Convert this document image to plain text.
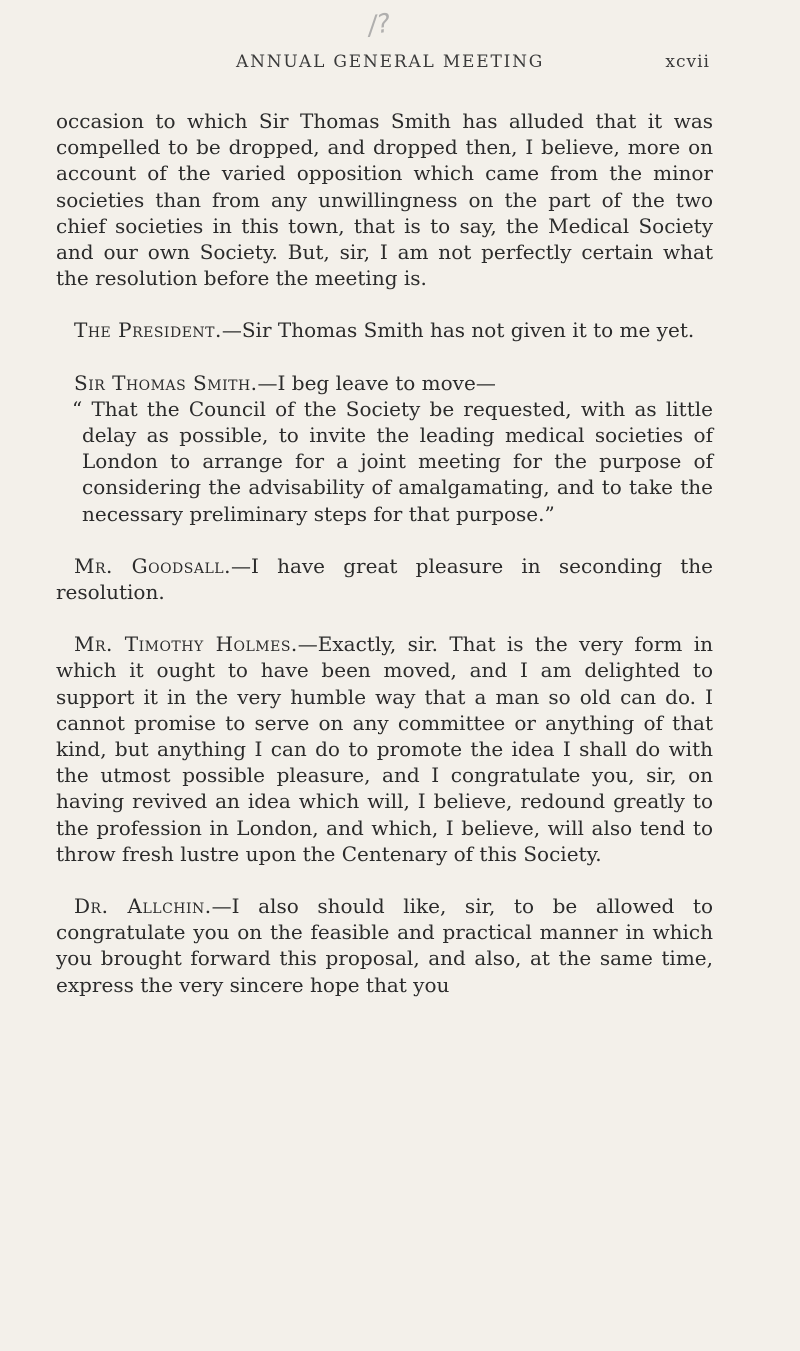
/?
ANNUAL GENERAL MEETING	xcvii

occasion to which Sir Thomas Smith has alluded that it was compelled to be dropped, and dropped then, I believe, more on account of the varied opposition which came from the minor societies than from any unwillingness on the part of the two chief societies in this town, that is to say, the Medical Society and our own Society. But, sir, I am not perfectly certain what the resolution before the meeting is.

The President.—Sir Thomas Smith has not given it to me yet.

Sir Thomas Smith.—I beg leave to move—

“ That the Council of the Society be requested, with as little delay as possible, to invite the leading medical societies of London to arrange for a joint meeting for the purpose of considering the advisability of amalgamating, and to take the necessary preliminary steps for that purpose.”

Mr. Goodsall.—I have great pleasure in seconding the resolution.

Mr. Timothy Holmes.—Exactly, sir. That is the very form in which it ought to have been moved, and I am delighted to support it in the very humble way that a man so old can do. I cannot promise to serve on any committee or anything of that kind, but anything I can do to promote the idea I shall do with the utmost possible pleasure, and I congratulate you, sir, on having revived an idea which will, I believe, redound greatly to the profession in London, and which, I believe, will also tend to throw fresh lustre upon the Centenary of this Society.

Dr. Allchin.—I also should like, sir, to be allowed to congratulate you on the feasible and practical manner in which you brought forward this proposal, and also, at the same time, express the very sincere hope that you
